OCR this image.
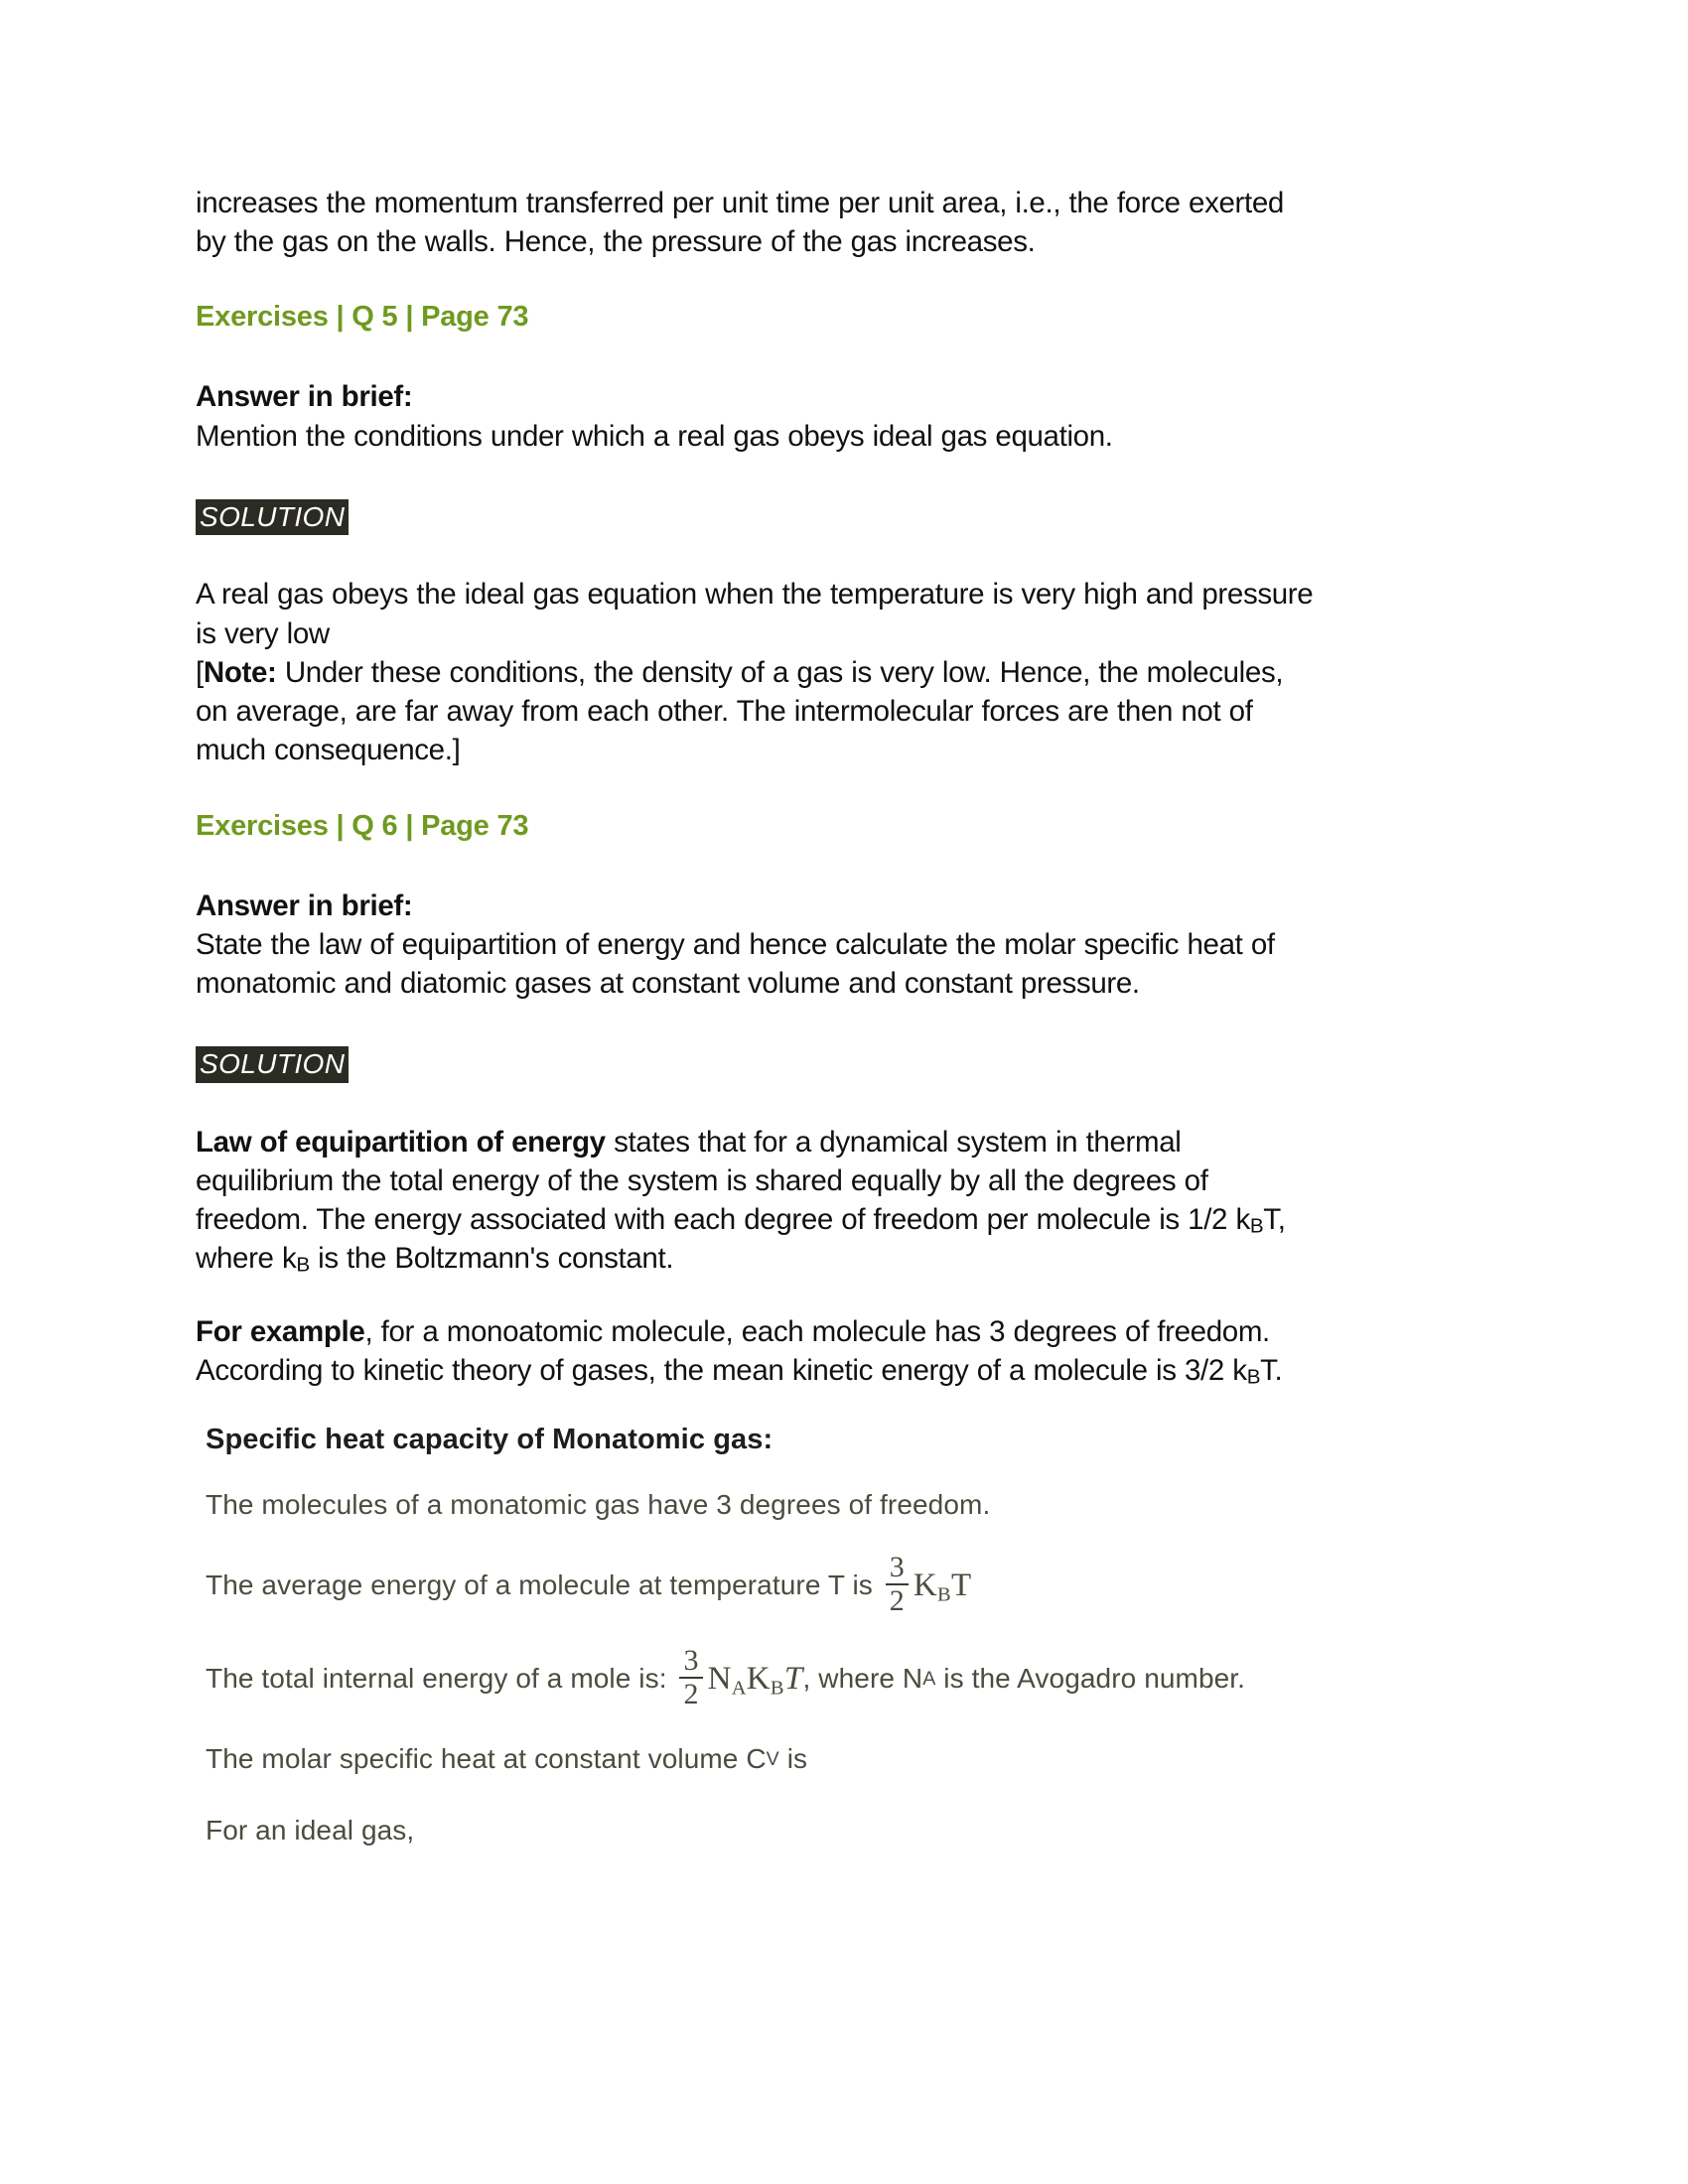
increases the momentum transferred per unit time per unit area, i.e., the force exerted
by the gas on the walls. Hence, the pressure of the gas increases.

Exercises | Q 5 | Page 73

Answer in brief:
Mention the conditions under which a real gas obeys ideal gas equation.

SOLUTION

A real gas obeys the ideal gas equation when the temperature is very high and pressure
is very low
[Note: Under these conditions, the density of a gas is very low. Hence, the molecules,
on average, are far away from each other. The intermolecular forces are then not of
much consequence.]

Exercises | Q 6 | Page 73

Answer in brief:
State the law of equipartition of energy and hence calculate the molar specific heat of
monatomic and diatomic gases at constant volume and constant pressure.

SOLUTION

Law of equipartition of energy states that for a dynamical system in thermal
equilibrium the total energy of the system is shared equally by all the degrees of
freedom. The energy associated with each degree of freedom per molecule is 1/2 $k_BT$,
where $k_B$ is the Boltzmann's constant.

For example, for a monoatomic molecule, each molecule has 3 degrees of freedom.
According to kinetic theory of gases, the mean kinetic energy of a molecule is 3/2 $k_BT$.

Specific heat capacity of Monatomic gas:

The molecules of a monatomic gas have 3 degrees of freedom.

The average energy of a molecule at temperature T is $\frac{3}{2} K_BT$

The total internal energy of a mole is: $\frac{3}{2} N_AK_BT$ , where N A is the Avogadro number.

The molar specific heat at constant volume C V is

For an ideal gas,
